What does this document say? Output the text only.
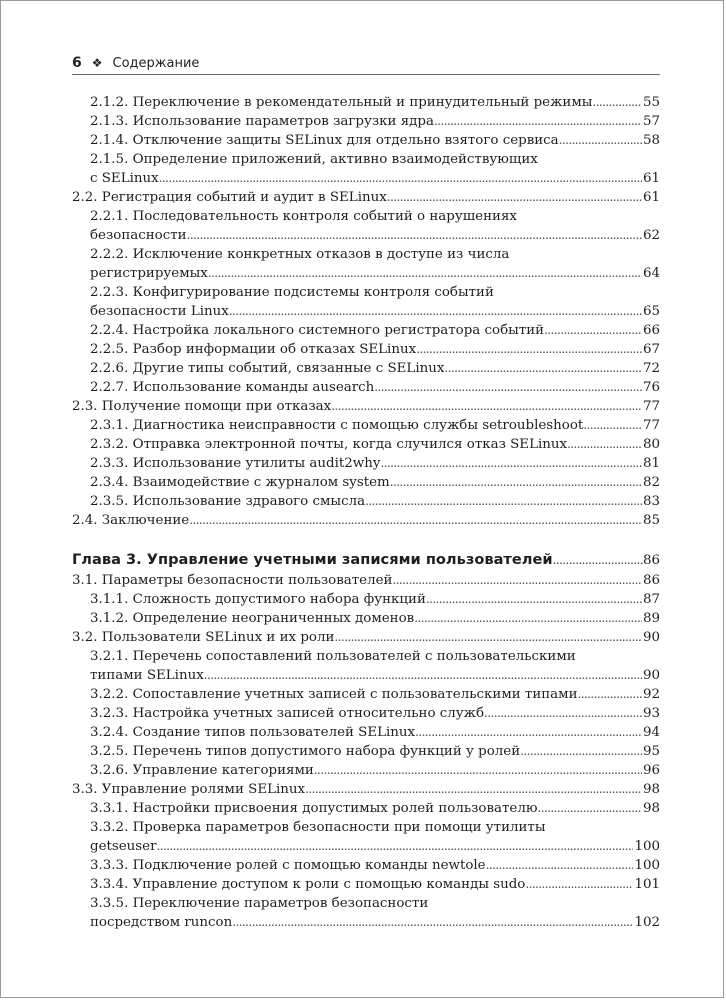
6 ❖ Содержание
2.1.2. Переключение в рекомендательный и принудительный режимы . . .	55
2.1.3. Использование параметров загрузки ядра . . .	57
2.1.4. Отключение защиты SELinux для отдельно взятого сервиса . . .	58
2.1.5. Определение приложений, активно взаимодействующих
с SELinux . . .	61
2.2. Регистрация событий и аудит в SELinux . . .	61
2.2.1. Последовательность контроля событий о нарушениях
безопасности . . .	62
2.2.2. Исключение конкретных отказов в доступе из числа
регистрируемых . . .	64
2.2.3. Конфигурирование подсистемы контроля событий
безопасности Linux . . .	65
2.2.4. Настройка локального системного регистратора событий . . .	66
2.2.5. Разбор информации об отказах SELinux . . .	67
2.2.6. Другие типы событий, связанные с SELinux . . .	72
2.2.7. Использование команды ausearch . . .	76
2.3. Получение помощи при отказах . . .	77
2.3.1. Диагностика неисправности с помощью службы setroubleshoot . . .	77
2.3.2. Отправка электронной почты, когда случился отказ SELinux . . .	80
2.3.3. Использование утилиты audit2why . . .	81
2.3.4. Взаимодействие с журналом system . . .	82
2.3.5. Использование здравого смысла . . .	83
2.4. Заключение . . .	85
Глава 3. Управление учетными записями пользователей . . .	86
3.1. Параметры безопасности пользователей . . .	86
3.1.1. Сложность допустимого набора функций . . .	87
3.1.2. Определение неограниченных доменов . . .	89
3.2. Пользователи SELinux и их роли . . .	90
3.2.1. Перечень сопоставлений пользователей с пользовательскими
типами SELinux . . .	90
3.2.2. Сопоставление учетных записей с пользовательскими типами . . .	92
3.2.3. Настройка учетных записей относительно служб . . .	93
3.2.4. Создание типов пользователей SELinux . . .	94
3.2.5. Перечень типов допустимого набора функций у ролей . . .	95
3.2.6. Управление категориями . . .	96
3.3. Управление ролями SELinux . . .	98
3.3.1. Настройки присвоения допустимых ролей пользователю . . .	98
3.3.2. Проверка параметров безопасности при помощи утилиты
getseuser . . .	100
3.3.3. Подключение ролей с помощью команды newtole . . .	100
3.3.4. Управление доступом к роли с помощью команды sudo . . .	101
3.3.5. Переключение параметров безопасности
посредством runcon . . .	102
